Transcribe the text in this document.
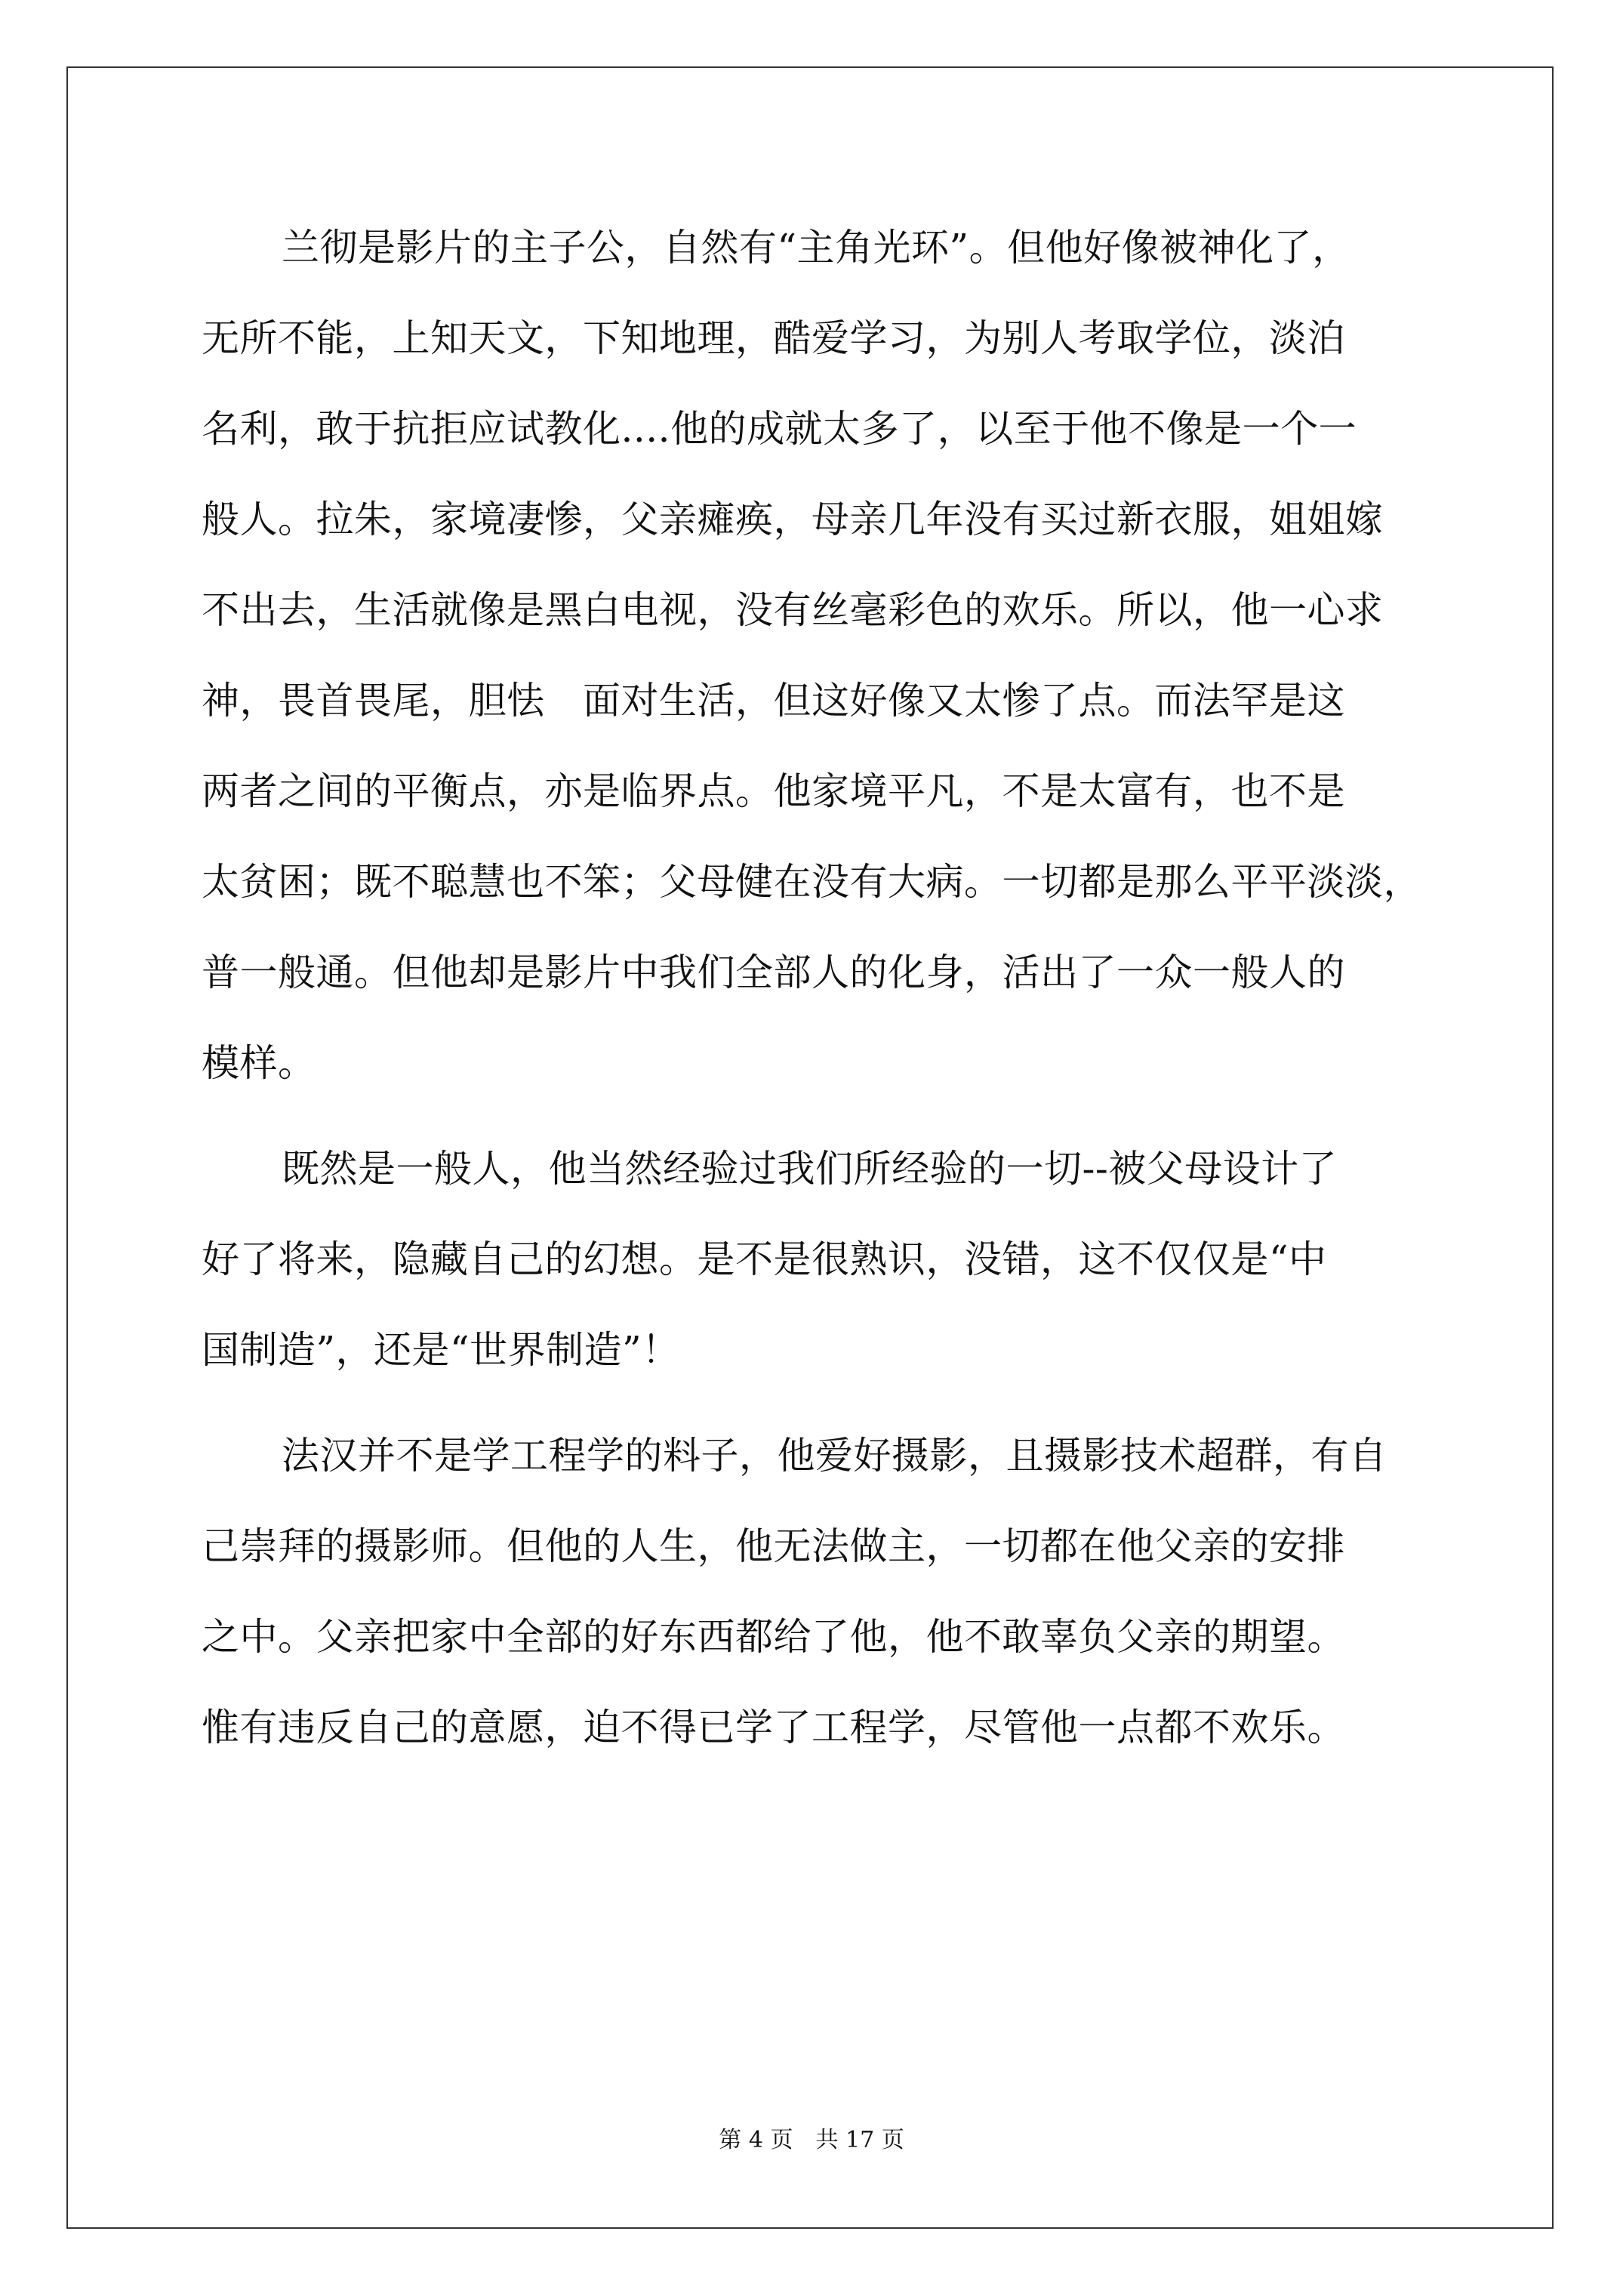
兰彻是影片的主子公，自然有“主角光环”。但他好像被神化了，
无所不能，上知天文，下知地理，酷爱学习，为别人考取学位，淡泊
名利，敢于抗拒应试教化....他的成就太多了，以至于他不像是一个一
般人。拉朱，家境凄惨，父亲瘫痪，母亲几年没有买过新衣服，姐姐嫁
不出去，生活就像是黑白电视，没有丝毫彩色的欢乐。所以，他一心求
神，畏首畏尾，胆怯　面对生活，但这好像又太惨了点。而法罕是这
两者之间的平衡点，亦是临界点。他家境平凡，不是太富有，也不是
太贫困；既不聪慧也不笨；父母健在没有大病。一切都是那么平平淡淡，
普一般通。但他却是影片中我们全部人的化身，活出了一众一般人的
模样。
既然是一般人，他当然经验过我们所经验的一切--被父母设计了
好了将来，隐藏自己的幻想。是不是很熟识，没错，这不仅仅是“中
国制造”，还是“世界制造”！
法汉并不是学工程学的料子，他爱好摄影，且摄影技术超群，有自
己崇拜的摄影师。但他的人生，他无法做主，一切都在他父亲的安排
之中。父亲把家中全部的好东西都给了他，他不敢辜负父亲的期望。
惟有违反自己的意愿，迫不得已学了工程学，尽管他一点都不欢乐。
第 4 页　共 17 页
